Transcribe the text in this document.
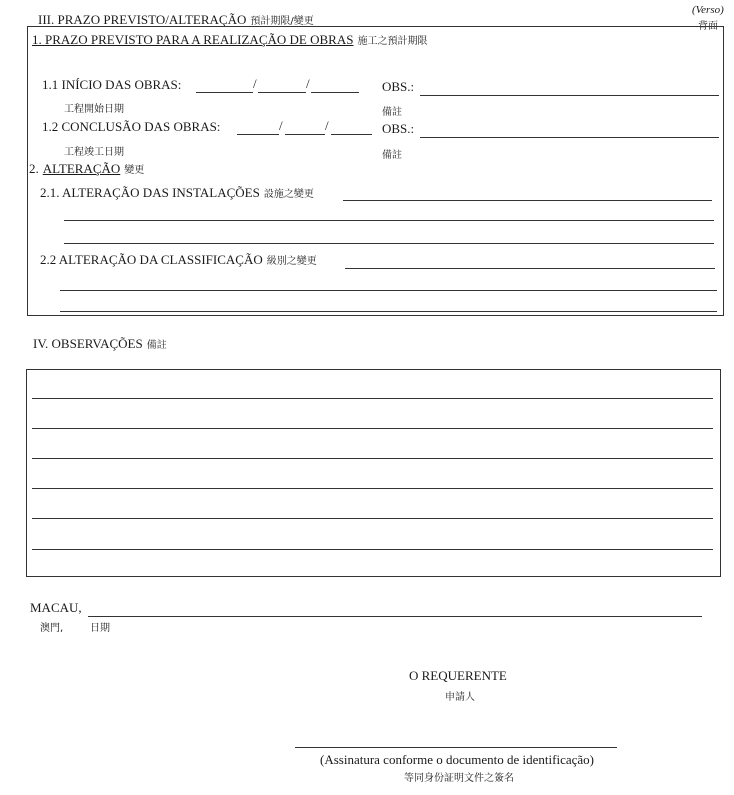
(Verso)
背面
III. PRAZO PREVISTO/ALTERAÇÃO 預計期限/變更
1. PRAZO PREVISTO PARA A REALIZAÇÃO DE OBRAS 施工之預計期限
1.1 INÍCIO DAS OBRAS:	/	/	OBS.:
工程開始日期	備註
1.2 CONCLUSÃO DAS OBRAS:	/	/	OBS.:
工程竣工日期	備註
2. ALTERAÇÃO 變更
2.1. ALTERAÇÃO DAS INSTALAÇÕES 設施之變更
2.2 ALTERAÇÃO DA CLASSIFICAÇÃO 級別之變更
IV. OBSERVAÇÕES 備註
MACAU,
澳門,	日期
O REQUERENTE
申請人
(Assinatura conforme o documento de identificação)
等同身份証明文件之簽名
